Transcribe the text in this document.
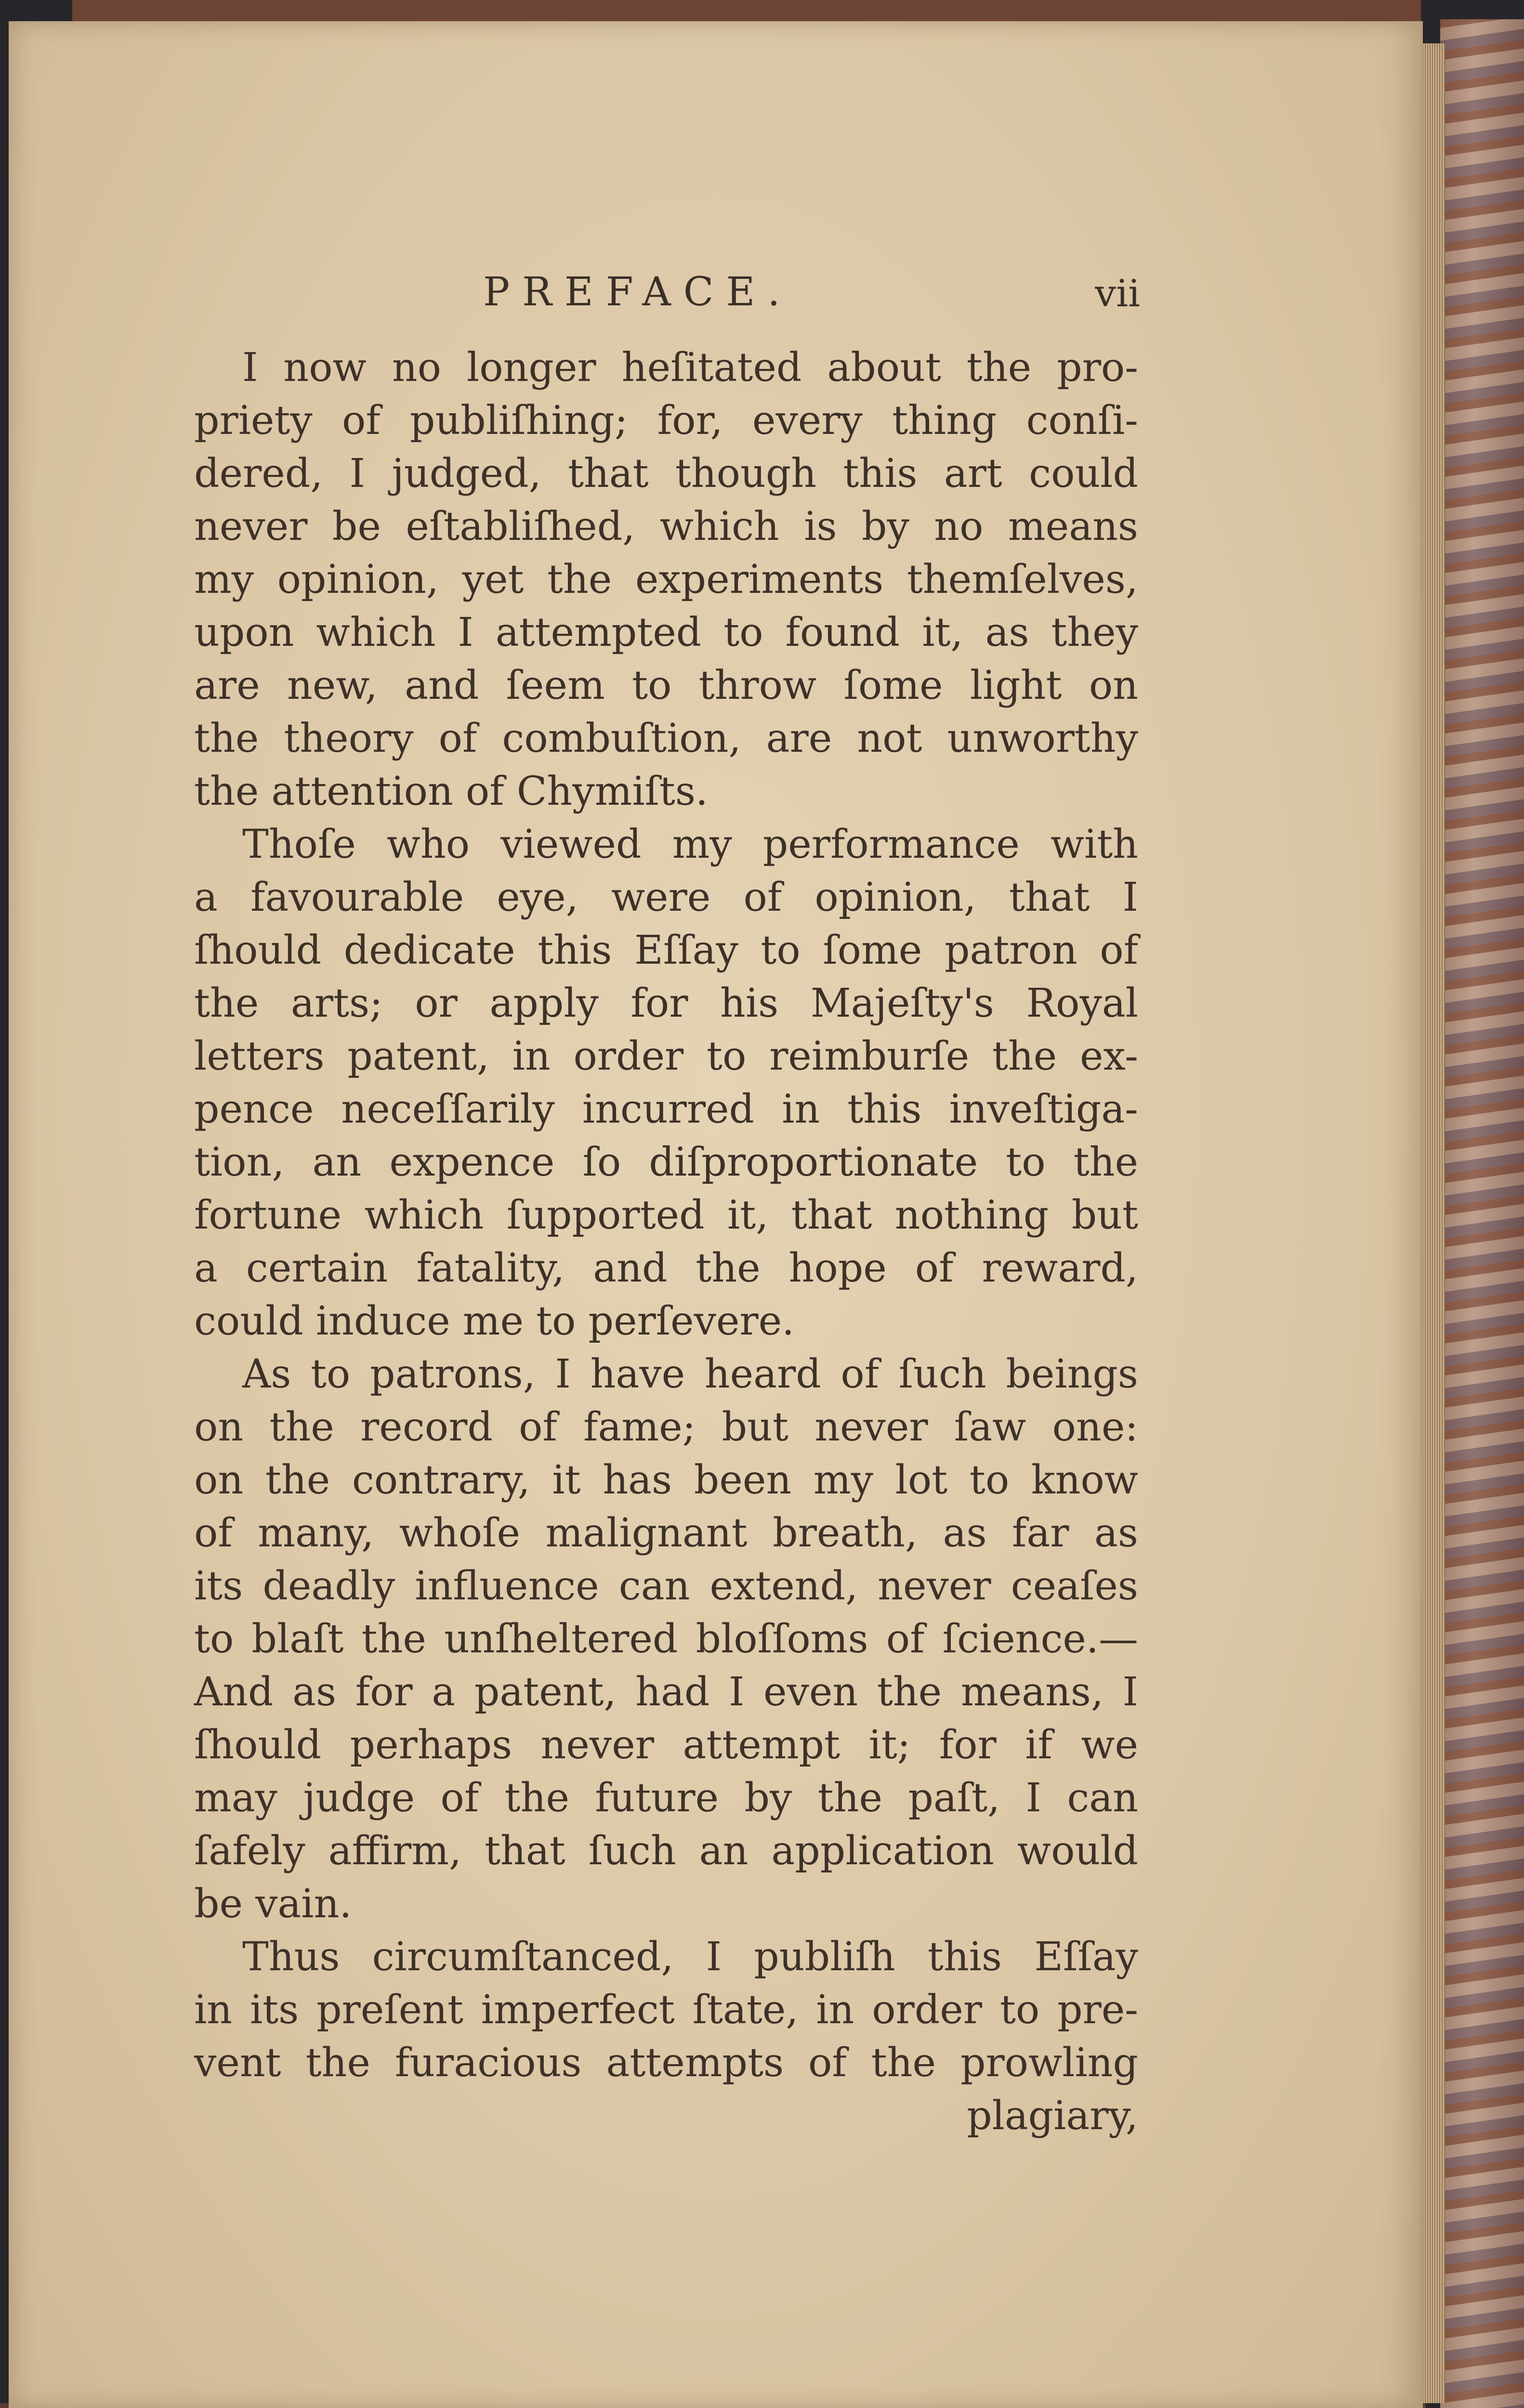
PREFACE.	vii
I now no longer heſitated about the pro-
priety of publiſhing; for, every thing conſi-
dered, I judged, that though this art could
never be eſtabliſhed, which is by no means
my opinion, yet the experiments themſelves,
upon which I attempted to found it, as they
are new, and ſeem to throw ſome light on
the theory of combuſtion, are not unworthy
the attention of Chymiſts.
Thoſe who viewed my performance with
a favourable eye, were of opinion, that I
ſhould dedicate this Eſſay to ſome patron of
the arts; or apply for his Majeſty's Royal
letters patent, in order to reimburſe the ex-
pence neceſſarily incurred in this inveſtiga-
tion, an expence ſo diſproportionate to the
fortune which ſupported it, that nothing but
a certain fatality, and the hope of reward,
could induce me to perſevere.
As to patrons, I have heard of ſuch beings
on the record of fame; but never ſaw one:
on the contrary, it has been my lot to know
of many, whoſe malignant breath, as far as
its deadly influence can extend, never ceaſes
to blaſt the unſheltered bloſſoms of ſcience.—
And as for a patent, had I even the means, I
ſhould perhaps never attempt it; for if we
may judge of the future by the paſt, I can
ſafely affirm, that ſuch an application would
be vain.
Thus circumſtanced, I publiſh this Eſſay
in its preſent imperfect ſtate, in order to pre-
vent the furacious attempts of the prowling
plagiary,
